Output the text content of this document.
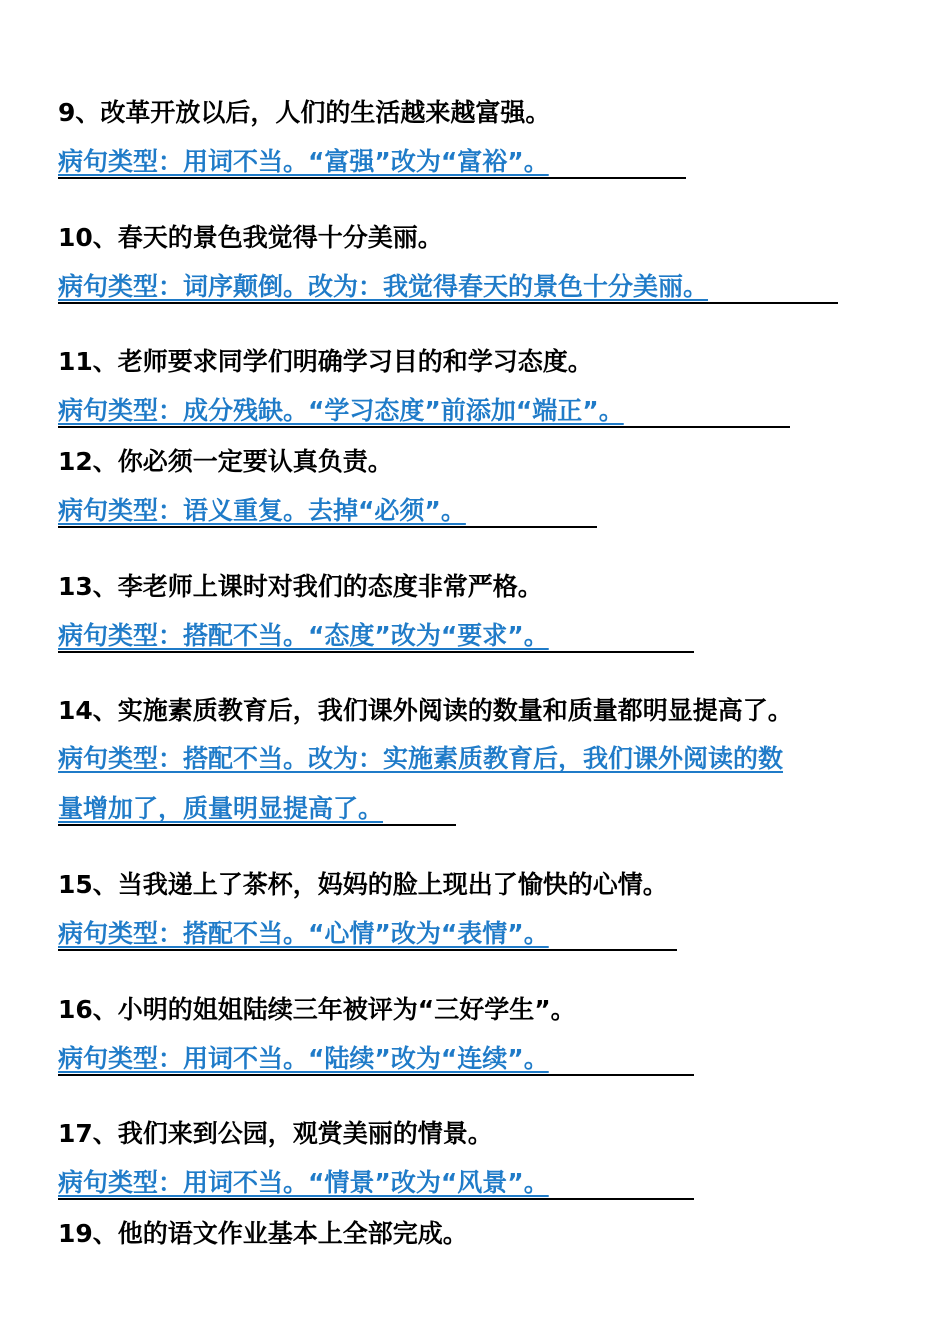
9、改革开放以后，人们的生活越来越富强。
病句类型：用词不当。“富强”改为“富裕”。
10、春天的景色我觉得十分美丽。
病句类型：词序颠倒。改为：我觉得春天的景色十分美丽。
11、老师要求同学们明确学习目的和学习态度。
病句类型：成分残缺。“学习态度”前添加“端正”。
12、你必须一定要认真负责。
病句类型：语义重复。去掉“必须”。
13、李老师上课时对我们的态度非常严格。
病句类型：搭配不当。“态度”改为“要求”。
14、实施素质教育后，我们课外阅读的数量和质量都明显提高了。
病句类型：搭配不当。改为：实施素质教育后，我们课外阅读的数
量增加了，质量明显提高了。
15、当我递上了茶杯，妈妈的脸上现出了愉快的心情。
病句类型：搭配不当。“心情”改为“表情”。
16、小明的姐姐陆续三年被评为“三好学生”。
病句类型：用词不当。“陆续”改为“连续”。
17、我们来到公园，观赏美丽的情景。
病句类型：用词不当。“情景”改为“风景”。
19、他的语文作业基本上全部完成。
